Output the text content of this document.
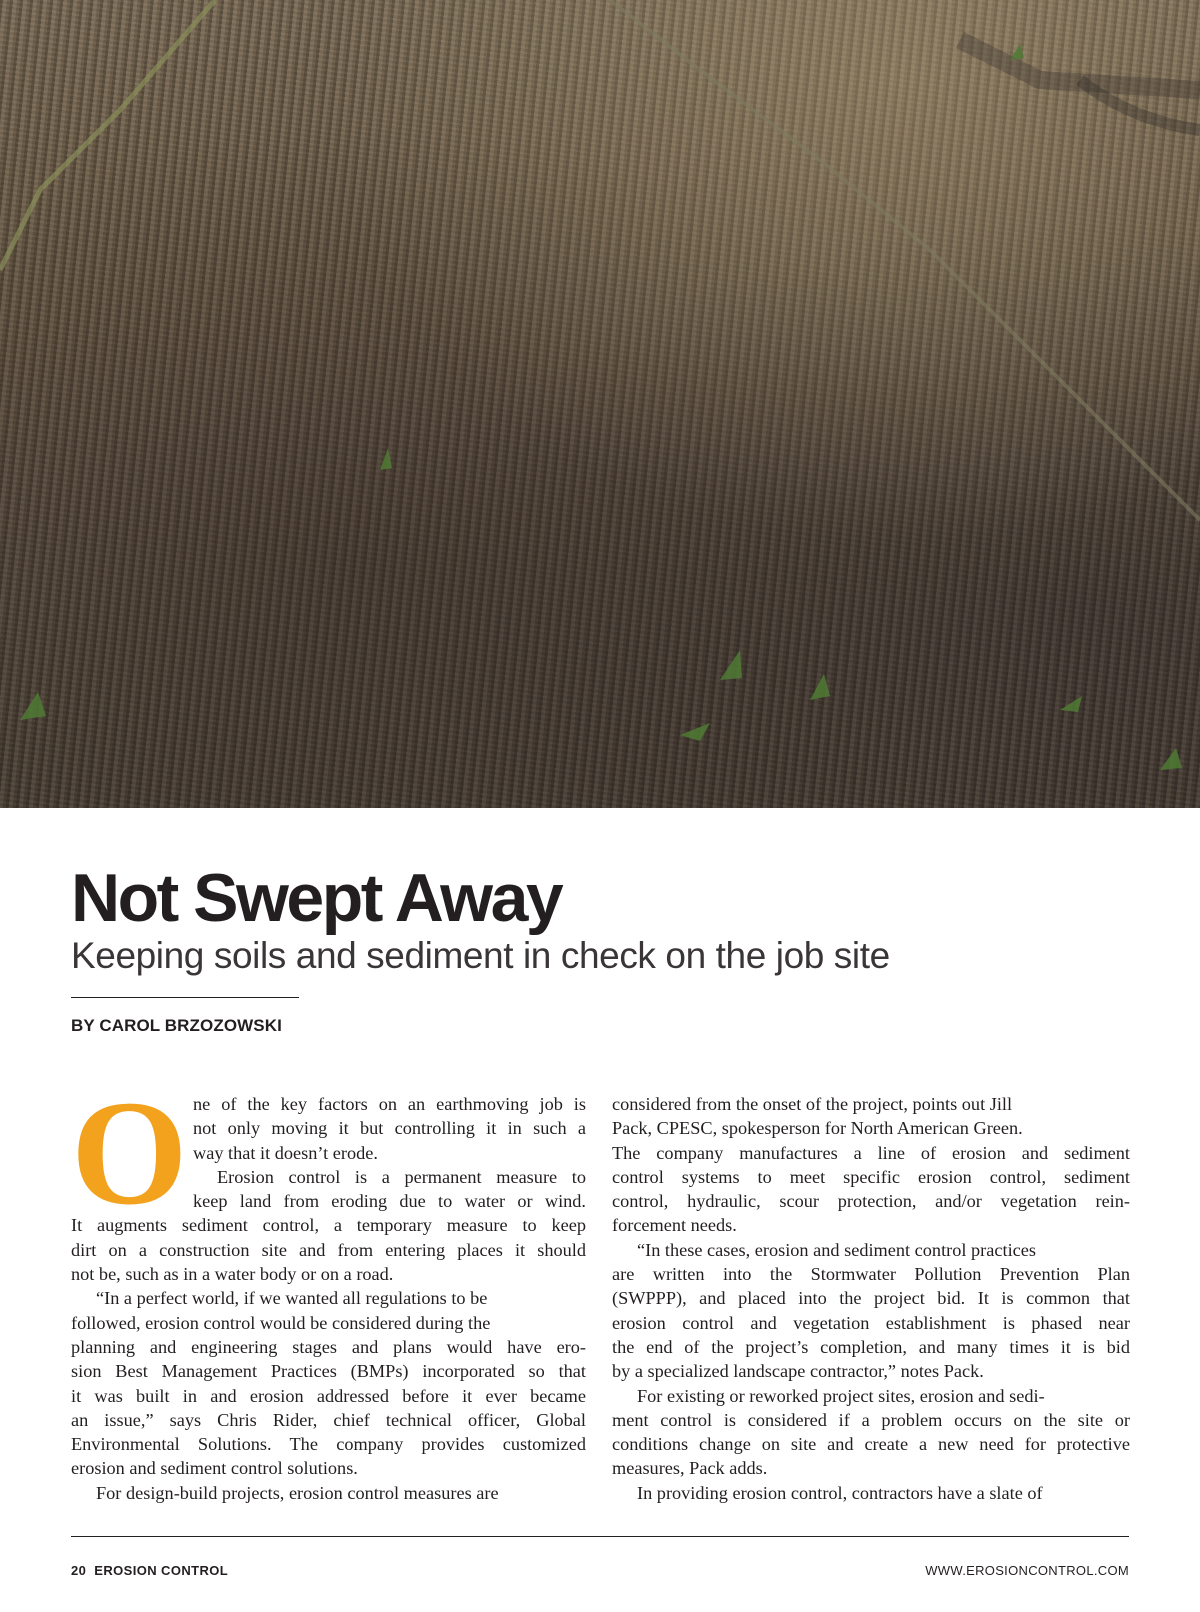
Not Swept Away
Keeping soils and sediment in check on the job site
BY CAROL BRZOZOWSKI
O ne of the key factors on an earthmoving job is
not only moving it but controlling it in such a
way that it doesn’t erode.
Erosion control is a permanent measure to
keep land from eroding due to water or wind.
It augments sediment control, a temporary measure to keep
dirt on a construction site and from entering places it should
not be, such as in a water body or on a road.
“In a perfect world, if we wanted all regulations to be
followed, erosion control would be considered during the
planning and engineering stages and plans would have ero-
sion Best Management Practices (BMPs) incorporated so that
it was built in and erosion addressed before it ever became
an issue,” says Chris Rider, chief technical officer, Global
Environmental Solutions. The company provides customized
erosion and sediment control solutions.
For design-build projects, erosion control measures are
considered from the onset of the project, points out Jill
Pack, CPESC, spokesperson for North American Green.
The company manufactures a line of erosion and sediment
control systems to meet specific erosion control, sediment
control, hydraulic, scour protection, and/or vegetation rein-
forcement needs.
“In these cases, erosion and sediment control practices
are written into the Stormwater Pollution Prevention Plan
(SWPPP), and placed into the project bid. It is common that
erosion control and vegetation establishment is phased near
the end of the project’s completion, and many times it is bid
by a specialized landscape contractor,” notes Pack.
For existing or reworked project sites, erosion and sedi-
ment control is considered if a problem occurs on the site or
conditions change on site and create a new need for protective
measures, Pack adds.
In providing erosion control, contractors have a slate of
20 EROSION CONTROL	WWW.EROSIONCONTROL.COM
